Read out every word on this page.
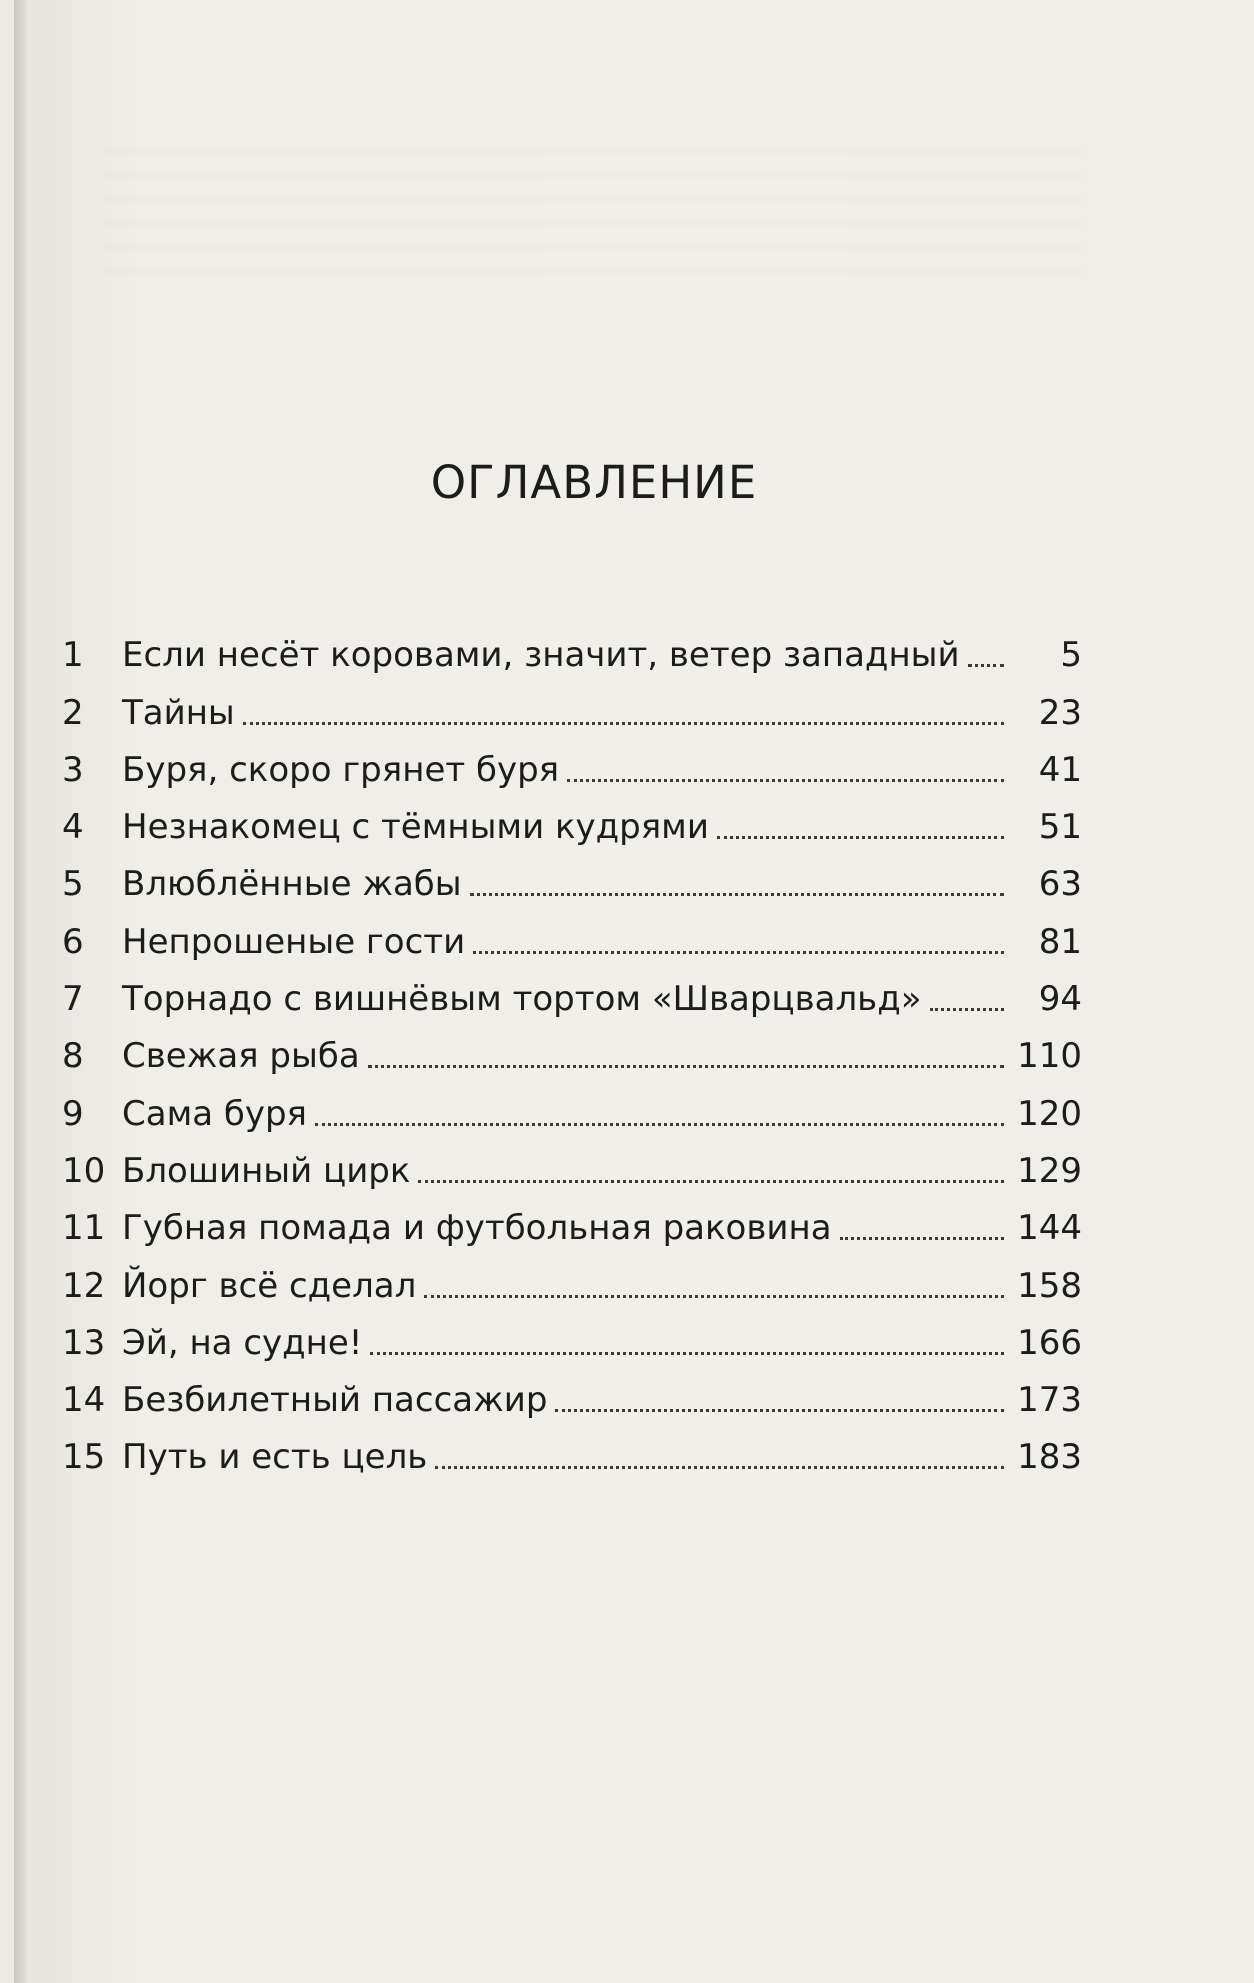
ОГЛАВЛЕНИЕ
1	Если несёт коровами, значит, ветер западный	5
2	Тайны	23
3	Буря, скоро грянет буря	41
4	Незнакомец с тёмными кудрями	51
5	Влюблённые жабы	63
6	Непрошеные гости	81
7	Торнадо с вишнёвым тортом «Шварцвальд»	94
8	Свежая рыба	110
9	Сама буря	120
10 Блошиный цирк	129
11 Губная помада и футбольная раковина	144
12 Йорг всё сделал	158
13 Эй, на судне!	166
14 Безбилетный пассажир	173
15 Путь и есть цель	183
